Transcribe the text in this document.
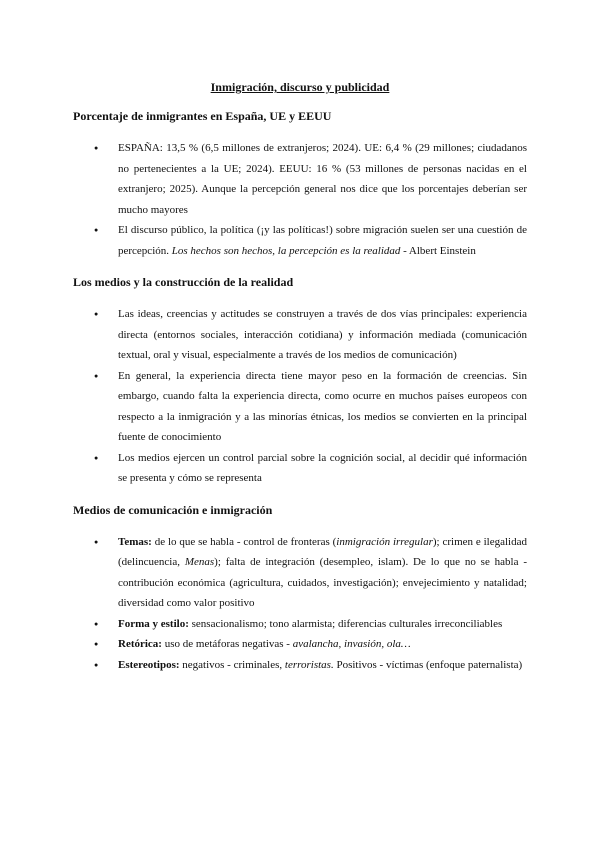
Inmigración, discurso y publicidad
Porcentaje de inmigrantes en España, UE y EEUU
● ESPAÑA: 13,5 % (6,5 millones de extranjeros; 2024). UE: 6,4 % (29 millones; ciudadanos no pertenecientes a la UE; 2024). EEUU: 16 % (53 millones de personas nacidas en el extranjero; 2025). Aunque la percepción general nos dice que los porcentajes deberían ser mucho mayores
● El discurso público, la política (¡y las políticas!) sobre migración suelen ser una cuestión de percepción. Los hechos son hechos, la percepción es la realidad - Albert Einstein
Los medios y la construcción de la realidad
● Las ideas, creencias y actitudes se construyen a través de dos vías principales: experiencia directa (entornos sociales, interacción cotidiana) y información mediada (comunicación textual, oral y visual, especialmente a través de los medios de comunicación)
● En general, la experiencia directa tiene mayor peso en la formación de creencias. Sin embargo, cuando falta la experiencia directa, como ocurre en muchos países europeos con respecto a la inmigración y a las minorías étnicas, los medios se convierten en la principal fuente de conocimiento
● Los medios ejercen un control parcial sobre la cognición social, al decidir qué información se presenta y cómo se representa
Medios de comunicación e inmigración
● Temas: de lo que se habla - control de fronteras (inmigración irregular); crimen e ilegalidad (delincuencia, Menas); falta de integración (desempleo, islam). De lo que no se habla - contribución económica (agricultura, cuidados, investigación); envejecimiento y natalidad; diversidad como valor positivo
● Forma y estilo: sensacionalismo; tono alarmista; diferencias culturales irreconciliables
● Retórica: uso de metáforas negativas - avalancha, invasión, ola…
● Estereotipos: negativos - criminales, terroristas. Positivos - víctimas (enfoque paternalista)
